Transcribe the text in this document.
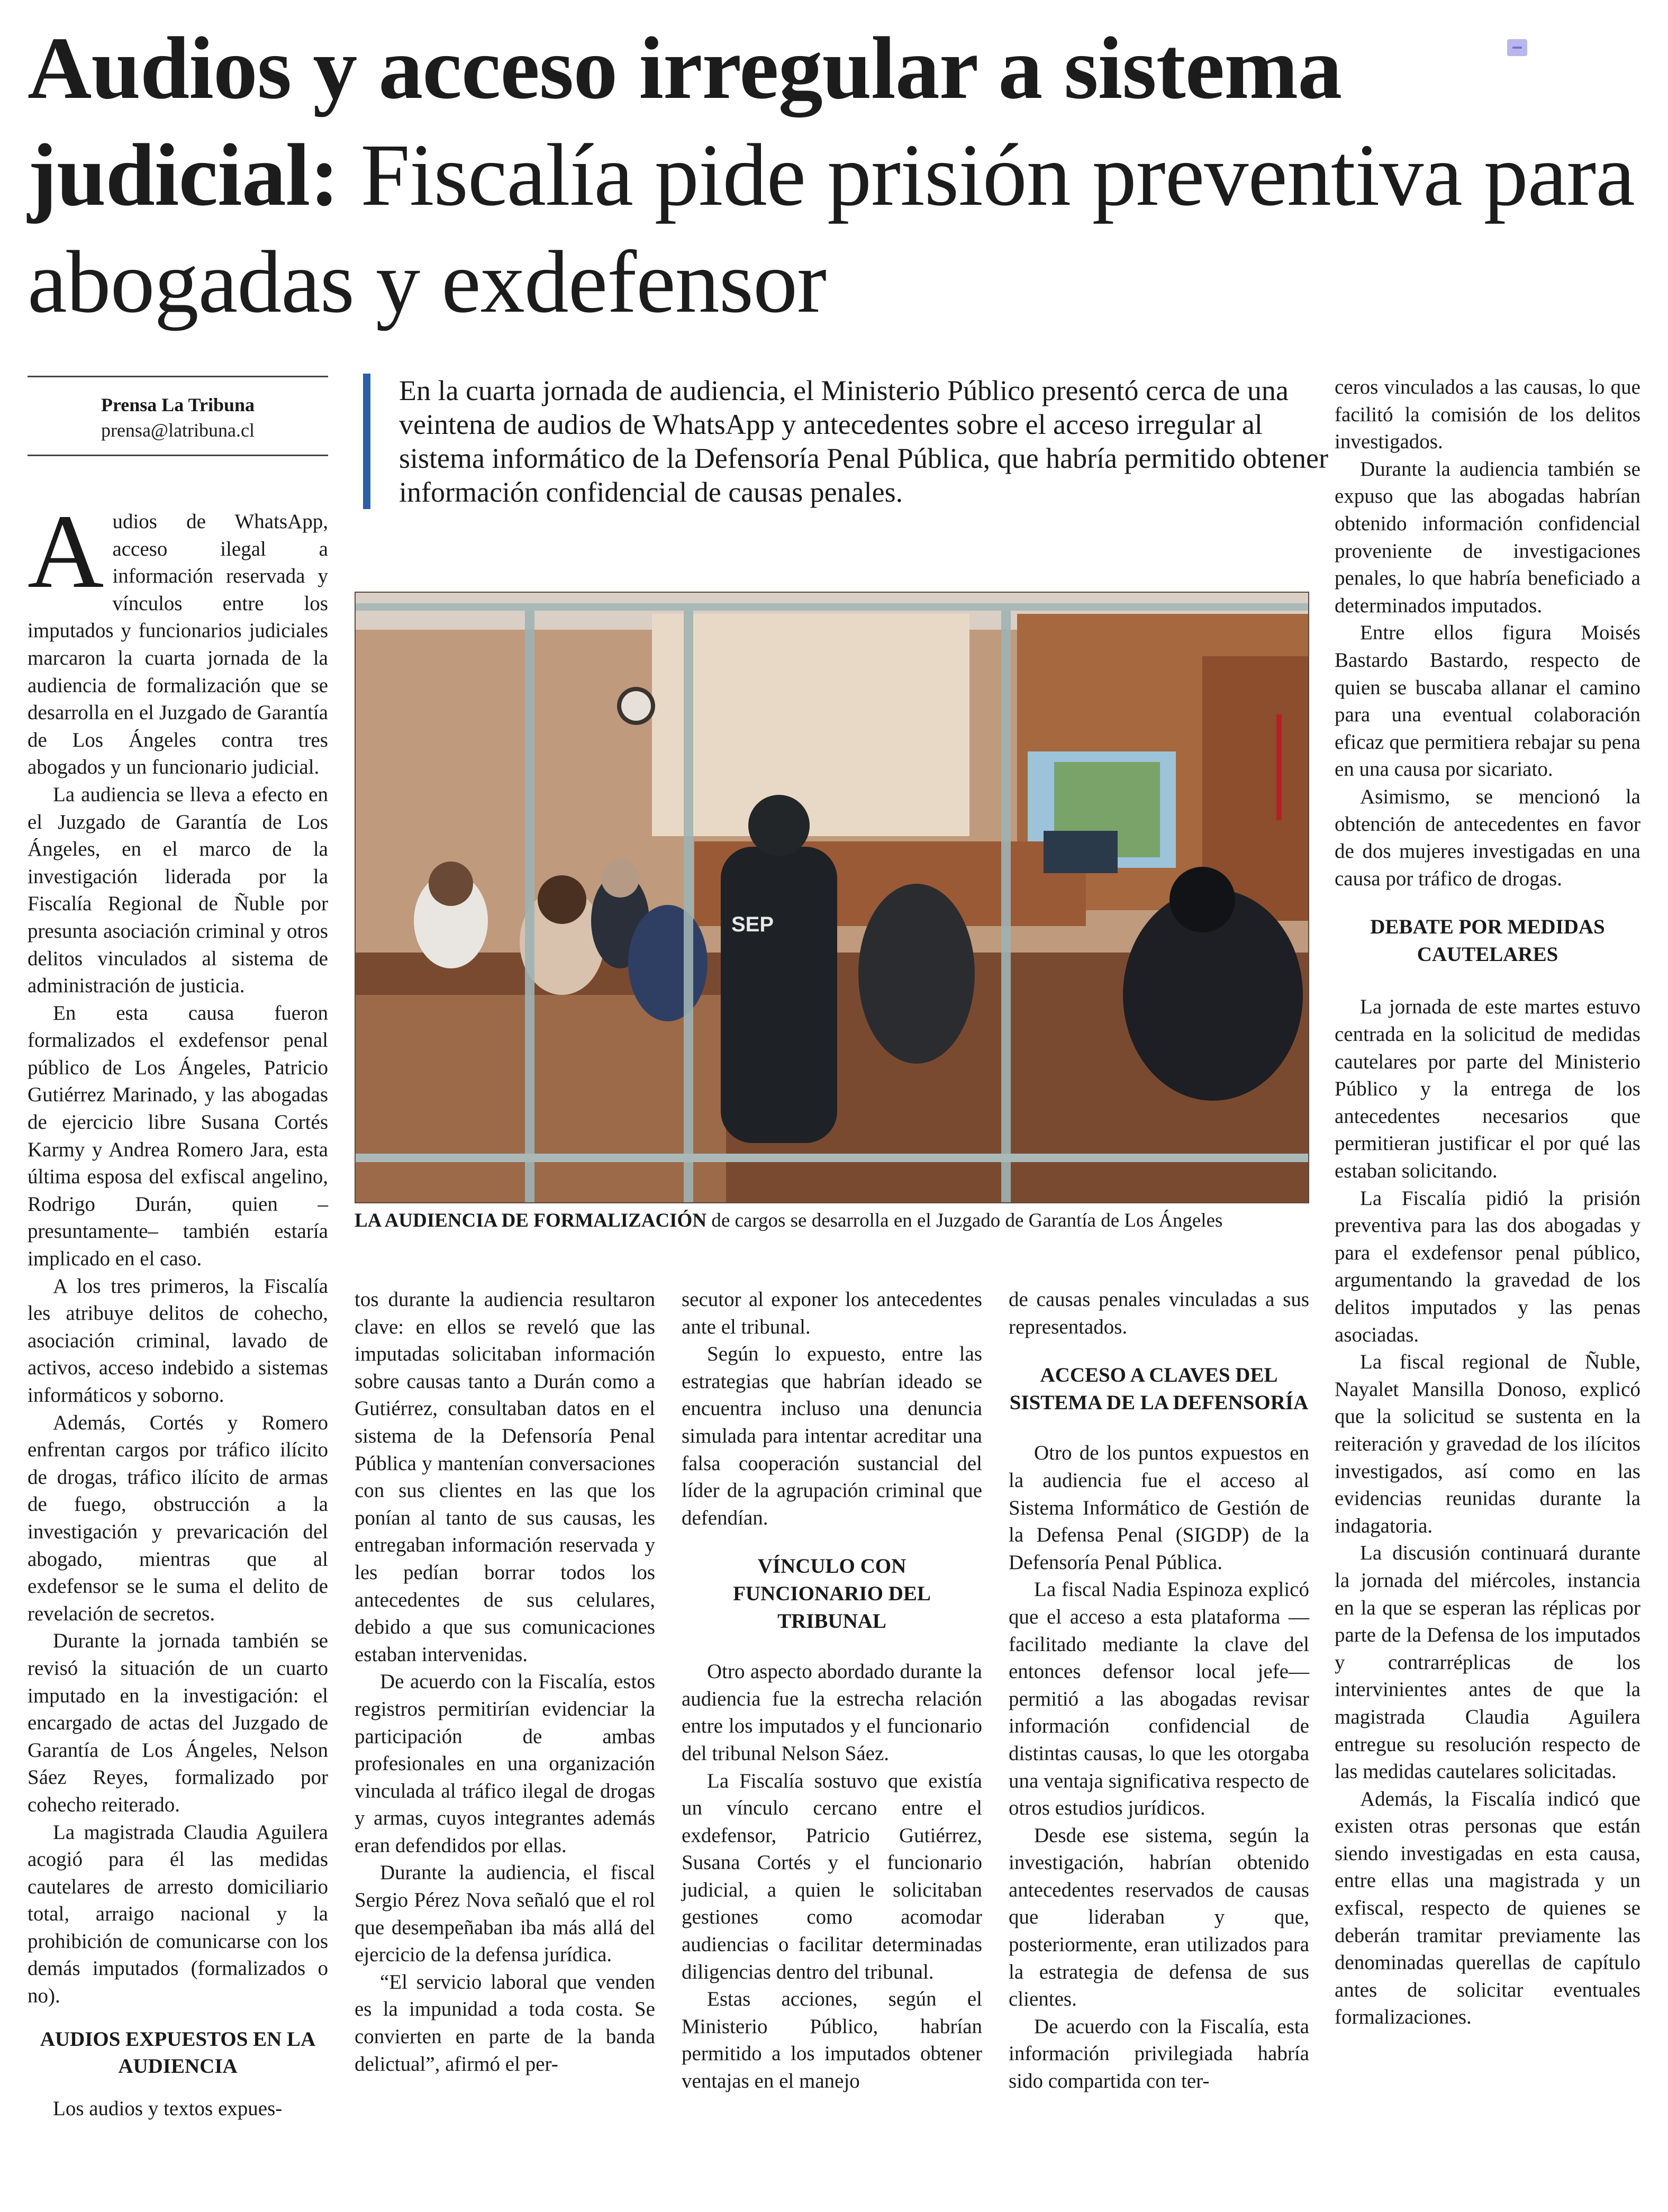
Audios y acceso irregular a sistema judicial: Fiscalía pide prisión preventiva para abogadas y exdefensor
Prensa La Tribuna
prensa@latribuna.cl

En la cuarta jornada de audiencia, el Ministerio Público presentó cerca de una veintena de audios de WhatsApp y antecedentes sobre el acceso irregular al sistema informático de la Defensoría Penal Pública, que habría permitido obtener información confidencial de causas penales.

SEP

LA AUDIENCIA DE FORMALIZACIÓN de cargos se desarrolla en el Juzgado de Garantía de Los Ángeles

Audios de WhatsApp, acceso ilegal a información reservada y vínculos entre los imputados y funcionarios judiciales marcaron la cuarta jornada de la audiencia de formalización que se desarrolla en el Juzgado de Garantía de Los Ángeles contra tres abogados y un funcionario judicial.

La audiencia se lleva a efecto en el Juzgado de Garantía de Los Ángeles, en el marco de la investigación liderada por la Fiscalía Regional de Ñuble por presunta asociación criminal y otros delitos vinculados al sistema de administración de justicia.

En esta causa fueron formalizados el exdefensor penal público de Los Ángeles, Patricio Gutiérrez Marinado, y las abogadas de ejercicio libre Susana Cortés Karmy y Andrea Romero Jara, esta última esposa del exfiscal angelino, Rodrigo Durán, quien –presuntamente– también estaría implicado en el caso.

A los tres primeros, la Fiscalía les atribuye delitos de cohecho, asociación criminal, lavado de activos, acceso indebido a sistemas informáticos y soborno.

Además, Cortés y Romero enfrentan cargos por tráfico ilícito de drogas, tráfico ilícito de armas de fuego, obstrucción a la investigación y prevaricación del abogado, mientras que al exdefensor se le suma el delito de revelación de secretos.

Durante la jornada también se revisó la situación de un cuarto imputado en la investigación: el encargado de actas del Juzgado de Garantía de Los Ángeles, Nelson Sáez Reyes, formalizado por cohecho reiterado.

La magistrada Claudia Aguilera acogió para él las medidas cautelares de arresto domiciliario total, arraigo nacional y la prohibición de comunicarse con los demás imputados (formalizados o no).

AUDIOS EXPUESTOS EN LA AUDIENCIA

Los audios y textos expues-

tos durante la audiencia resultaron clave: en ellos se reveló que las imputadas solicitaban información sobre causas tanto a Durán como a Gutiérrez, consultaban datos en el sistema de la Defensoría Penal Pública y mantenían conversaciones con sus clientes en las que los ponían al tanto de sus causas, les entregaban información reservada y les pedían borrar todos los antecedentes de sus celulares, debido a que sus comunicaciones estaban intervenidas.

De acuerdo con la Fiscalía, estos registros permitirían evidenciar la participación de ambas profesionales en una organización vinculada al tráfico ilegal de drogas y armas, cuyos integrantes además eran defendidos por ellas.

Durante la audiencia, el fiscal Sergio Pérez Nova señaló que el rol que desempeñaban iba más allá del ejercicio de la defensa jurídica.

“El servicio laboral que venden es la impunidad a toda costa. Se convierten en parte de la banda delictual”, afirmó el per-

secutor al exponer los antecedentes ante el tribunal.

Según lo expuesto, entre las estrategias que habrían ideado se encuentra incluso una denuncia simulada para intentar acreditar una falsa cooperación sustancial del líder de la agrupación criminal que defendían.

VÍNCULO CON FUNCIONARIO DEL TRIBUNAL

Otro aspecto abordado durante la audiencia fue la estrecha relación entre los imputados y el funcionario del tribunal Nelson Sáez.

La Fiscalía sostuvo que existía un vínculo cercano entre el exdefensor, Patricio Gutiérrez, Susana Cortés y el funcionario judicial, a quien le solicitaban gestiones como acomodar audiencias o facilitar determinadas diligencias dentro del tribunal.

Estas acciones, según el Ministerio Público, habrían permitido a los imputados obtener ventajas en el manejo

de causas penales vinculadas a sus representados.

ACCESO A CLAVES DEL SISTEMA DE LA DEFENSORÍA

Otro de los puntos expuestos en la audiencia fue el acceso al Sistema Informático de Gestión de la Defensa Penal (SIGDP) de la Defensoría Penal Pública.

La fiscal Nadia Espinoza explicó que el acceso a esta plataforma —facilitado mediante la clave del entonces defensor local jefe— permitió a las abogadas revisar información confidencial de distintas causas, lo que les otorgaba una ventaja significativa respecto de otros estudios jurídicos.

Desde ese sistema, según la investigación, habrían obtenido antecedentes reservados de causas que lideraban y que, posteriormente, eran utilizados para la estrategia de defensa de sus clientes.

De acuerdo con la Fiscalía, esta información privilegiada habría sido compartida con ter-

ceros vinculados a las causas, lo que facilitó la comisión de los delitos investigados.

Durante la audiencia también se expuso que las abogadas habrían obtenido información confidencial proveniente de investigaciones penales, lo que habría beneficiado a determinados imputados.

Entre ellos figura Moisés Bastardo Bastardo, respecto de quien se buscaba allanar el camino para una eventual colaboración eficaz que permitiera rebajar su pena en una causa por sicariato.

Asimismo, se mencionó la obtención de antecedentes en favor de dos mujeres investigadas en una causa por tráfico de drogas.

DEBATE POR MEDIDAS CAUTELARES

La jornada de este martes estuvo centrada en la solicitud de medidas cautelares por parte del Ministerio Público y la entrega de los antecedentes necesarios que permitieran justificar el por qué las estaban solicitando.

La Fiscalía pidió la prisión preventiva para las dos abogadas y para el exdefensor penal público, argumentando la gravedad de los delitos imputados y las penas asociadas.

La fiscal regional de Ñuble, Nayalet Mansilla Donoso, explicó que la solicitud se sustenta en la reiteración y gravedad de los ilícitos investigados, así como en las evidencias reunidas durante la indagatoria.

La discusión continuará durante la jornada del miércoles, instancia en la que se esperan las réplicas por parte de la Defensa de los imputados y contrarréplicas de los intervinientes antes de que la magistrada Claudia Aguilera entregue su resolución respecto de las medidas cautelares solicitadas.

Además, la Fiscalía indicó que existen otras personas que están siendo investigadas en esta causa, entre ellas una magistrada y un exfiscal, respecto de quienes se deberán tramitar previamente las denominadas querellas de capítulo antes de solicitar eventuales formalizaciones.
